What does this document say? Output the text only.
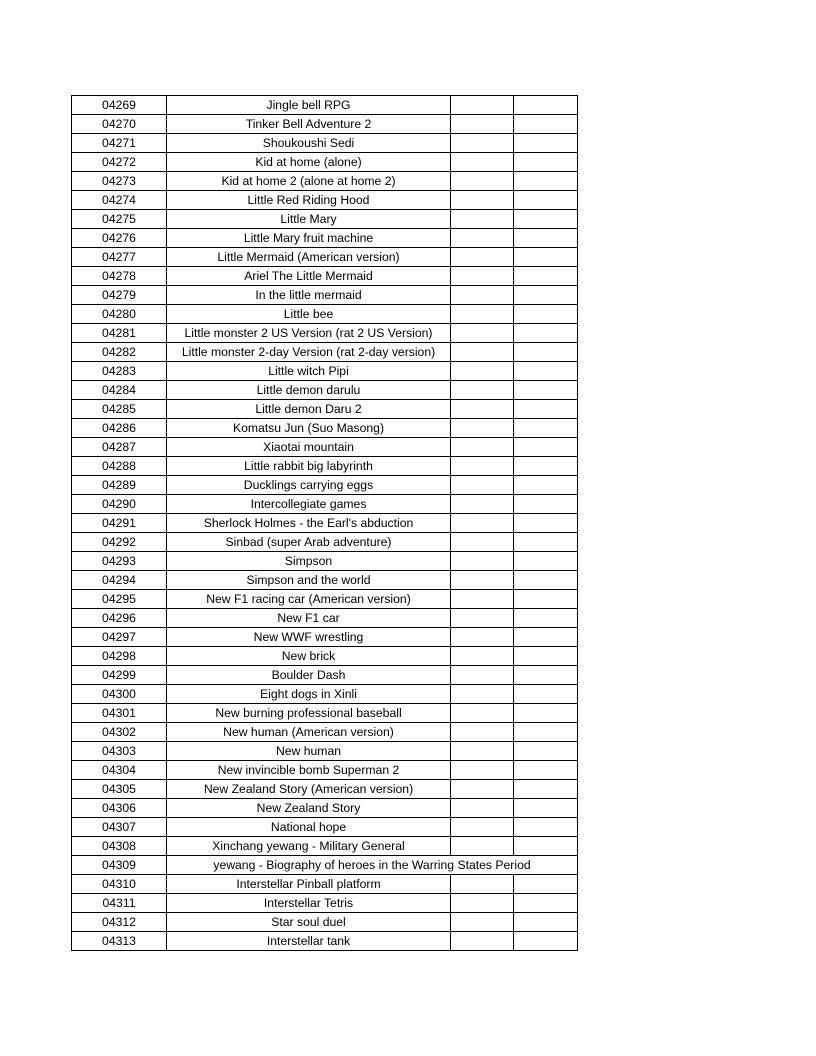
04269	Jingle bell RPG		
04270	Tinker Bell Adventure 2		
04271	Shoukoushi Sedi		
04272	Kid at home (alone)		
04273	Kid at home 2 (alone at home 2)		
04274	Little Red Riding Hood		
04275	Little Mary		
04276	Little Mary fruit machine		
04277	Little Mermaid (American version)		
04278	Ariel The Little Mermaid		
04279	In the little mermaid		
04280	Little bee		
04281	Little monster 2 US Version (rat 2 US Version)		
04282	Little monster 2-day Version (rat 2-day version)		
04283	Little witch Pipi		
04284	Little demon darulu		
04285	Little demon Daru 2		
04286	Komatsu Jun (Suo Masong)		
04287	Xiaotai mountain		
04288	Little rabbit big labyrinth		
04289	Ducklings carrying eggs		
04290	Intercollegiate games		
04291	Sherlock Holmes - the Earl's abduction		
04292	Sinbad (super Arab adventure)		
04293	Simpson		
04294	Simpson and the world		
04295	New F1 racing car (American version)		
04296	New F1 car		
04297	New WWF wrestling		
04298	New brick		
04299	Boulder Dash		
04300	Eight dogs in Xinli		
04301	New burning professional baseball		
04302	New human (American version)		
04303	New human		
04304	New invincible bomb Superman 2		
04305	New Zealand Story (American version)		
04306	New Zealand Story		
04307	National hope		
04308	Xinchang yewang - Military General		
04309	yewang - Biography of heroes in the Warring States Period		
04310	Interstellar Pinball platform		
04311	Interstellar Tetris		
04312	Star soul duel		
04313	Interstellar tank		
